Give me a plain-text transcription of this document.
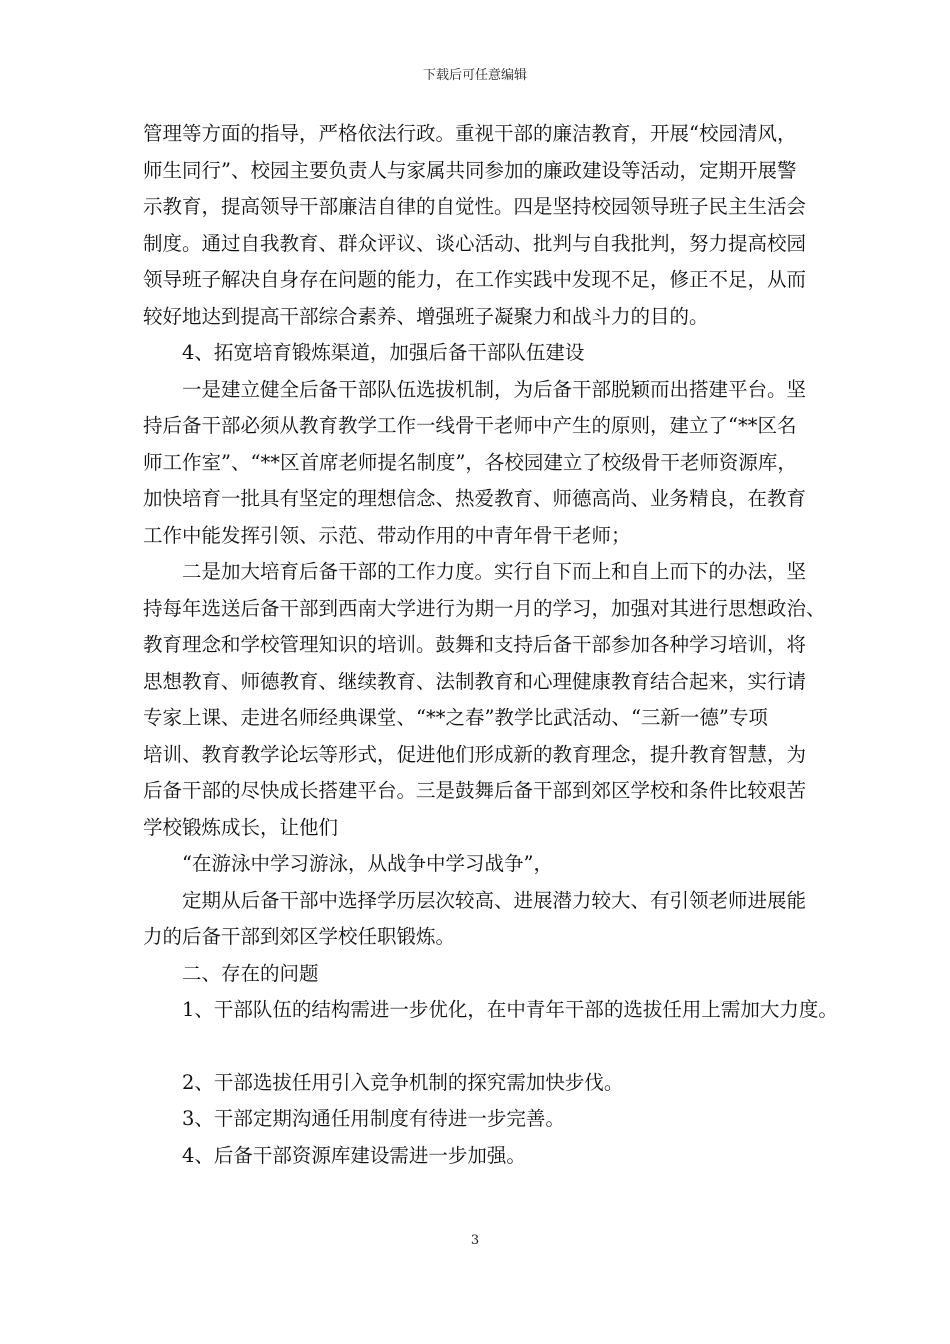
下载后可任意编辑
管理等方面的指导，严格依法行政。重视干部的廉洁教育，开展“校园清风，
师生同行”、校园主要负责人与家属共同参加的廉政建设等活动，定期开展警
示教育，提高领导干部廉洁自律的自觉性。四是坚持校园领导班子民主生活会
制度。通过自我教育、群众评议、谈心活动、批判与自我批判，努力提高校园
领导班子解决自身存在问题的能力，在工作实践中发现不足，修正不足，从而
较好地达到提高干部综合素养、增强班子凝聚力和战斗力的目的。
4、拓宽培育锻炼渠道，加强后备干部队伍建设
一是建立健全后备干部队伍选拔机制，为后备干部脱颖而出搭建平台。坚
持后备干部必须从教育教学工作一线骨干老师中产生的原则，建立了“**区名
师工作室”、“**区首席老师提名制度”，各校园建立了校级骨干老师资源库，
加快培育一批具有坚定的理想信念、热爱教育、师德高尚、业务精良，在教育
工作中能发挥引领、示范、带动作用的中青年骨干老师；
二是加大培育后备干部的工作力度。实行自下而上和自上而下的办法，坚
持每年选送后备干部到西南大学进行为期一月的学习，加强对其进行思想政治、
教育理念和学校管理知识的培训。鼓舞和支持后备干部参加各种学习培训，将
思想教育、师德教育、继续教育、法制教育和心理健康教育结合起来，实行请
专家上课、走进名师经典课堂、“**之春”教学比武活动、“三新一德”专项
培训、教育教学论坛等形式，促进他们形成新的教育理念，提升教育智慧，为
后备干部的尽快成长搭建平台。三是鼓舞后备干部到郊区学校和条件比较艰苦
学校锻炼成长，让他们
“在游泳中学习游泳，从战争中学习战争”，
定期从后备干部中选择学历层次较高、进展潜力较大、有引领老师进展能
力的后备干部到郊区学校任职锻炼。
二、存在的问题
1、干部队伍的结构需进一步优化，在中青年干部的选拔任用上需加大力度。
2、干部选拔任用引入竞争机制的探究需加快步伐。
3、干部定期沟通任用制度有待进一步完善。
4、后备干部资源库建设需进一步加强。
3
